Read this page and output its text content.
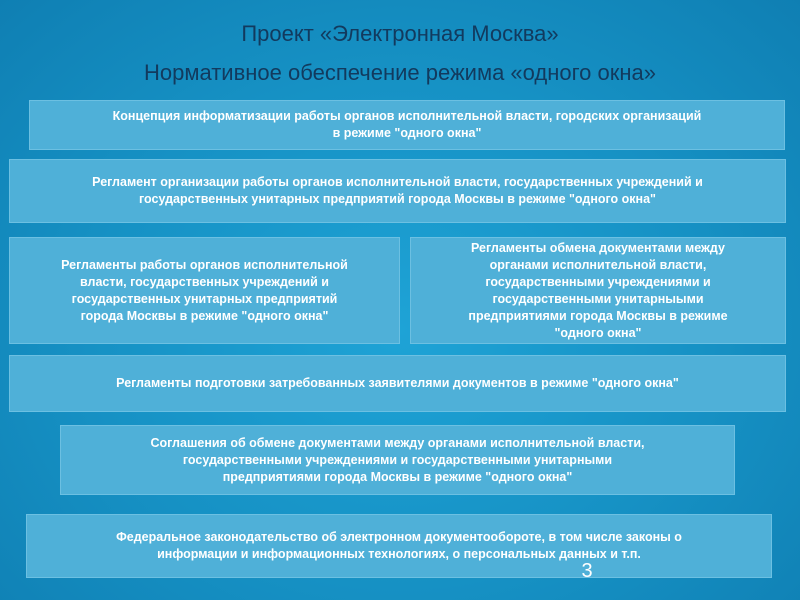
Проект «Электронная Москва»
Нормативное обеспечение режима «одного окна»
Концепция информатизации работы органов исполнительной власти, городских организаций
в режиме "одного окна"
Регламент организации работы органов исполнительной власти, государственных учреждений и
государственных унитарных предприятий города Москвы в режиме "одного окна"
Регламенты работы органов исполнительной
власти, государственных учреждений и
государственных унитарных предприятий
города Москвы в режиме "одного окна"
Регламенты обмена документами между
органами исполнительной власти,
государственными учреждениями и
государственными унитарныыми
предприятиями города Москвы в режиме
"одного окна"
Регламенты подготовки затребованных заявителями документов в режиме "одного окна"
Соглашения об обмене документами между органами исполнительной власти,
государственными учреждениями и государственными унитарными
предприятиями города Москвы в режиме "одного окна"
Федеральное законодательство об электронном документообороте, в том числе законы о
информации и информационных технологиях, о персональных данных и т.п.
3
